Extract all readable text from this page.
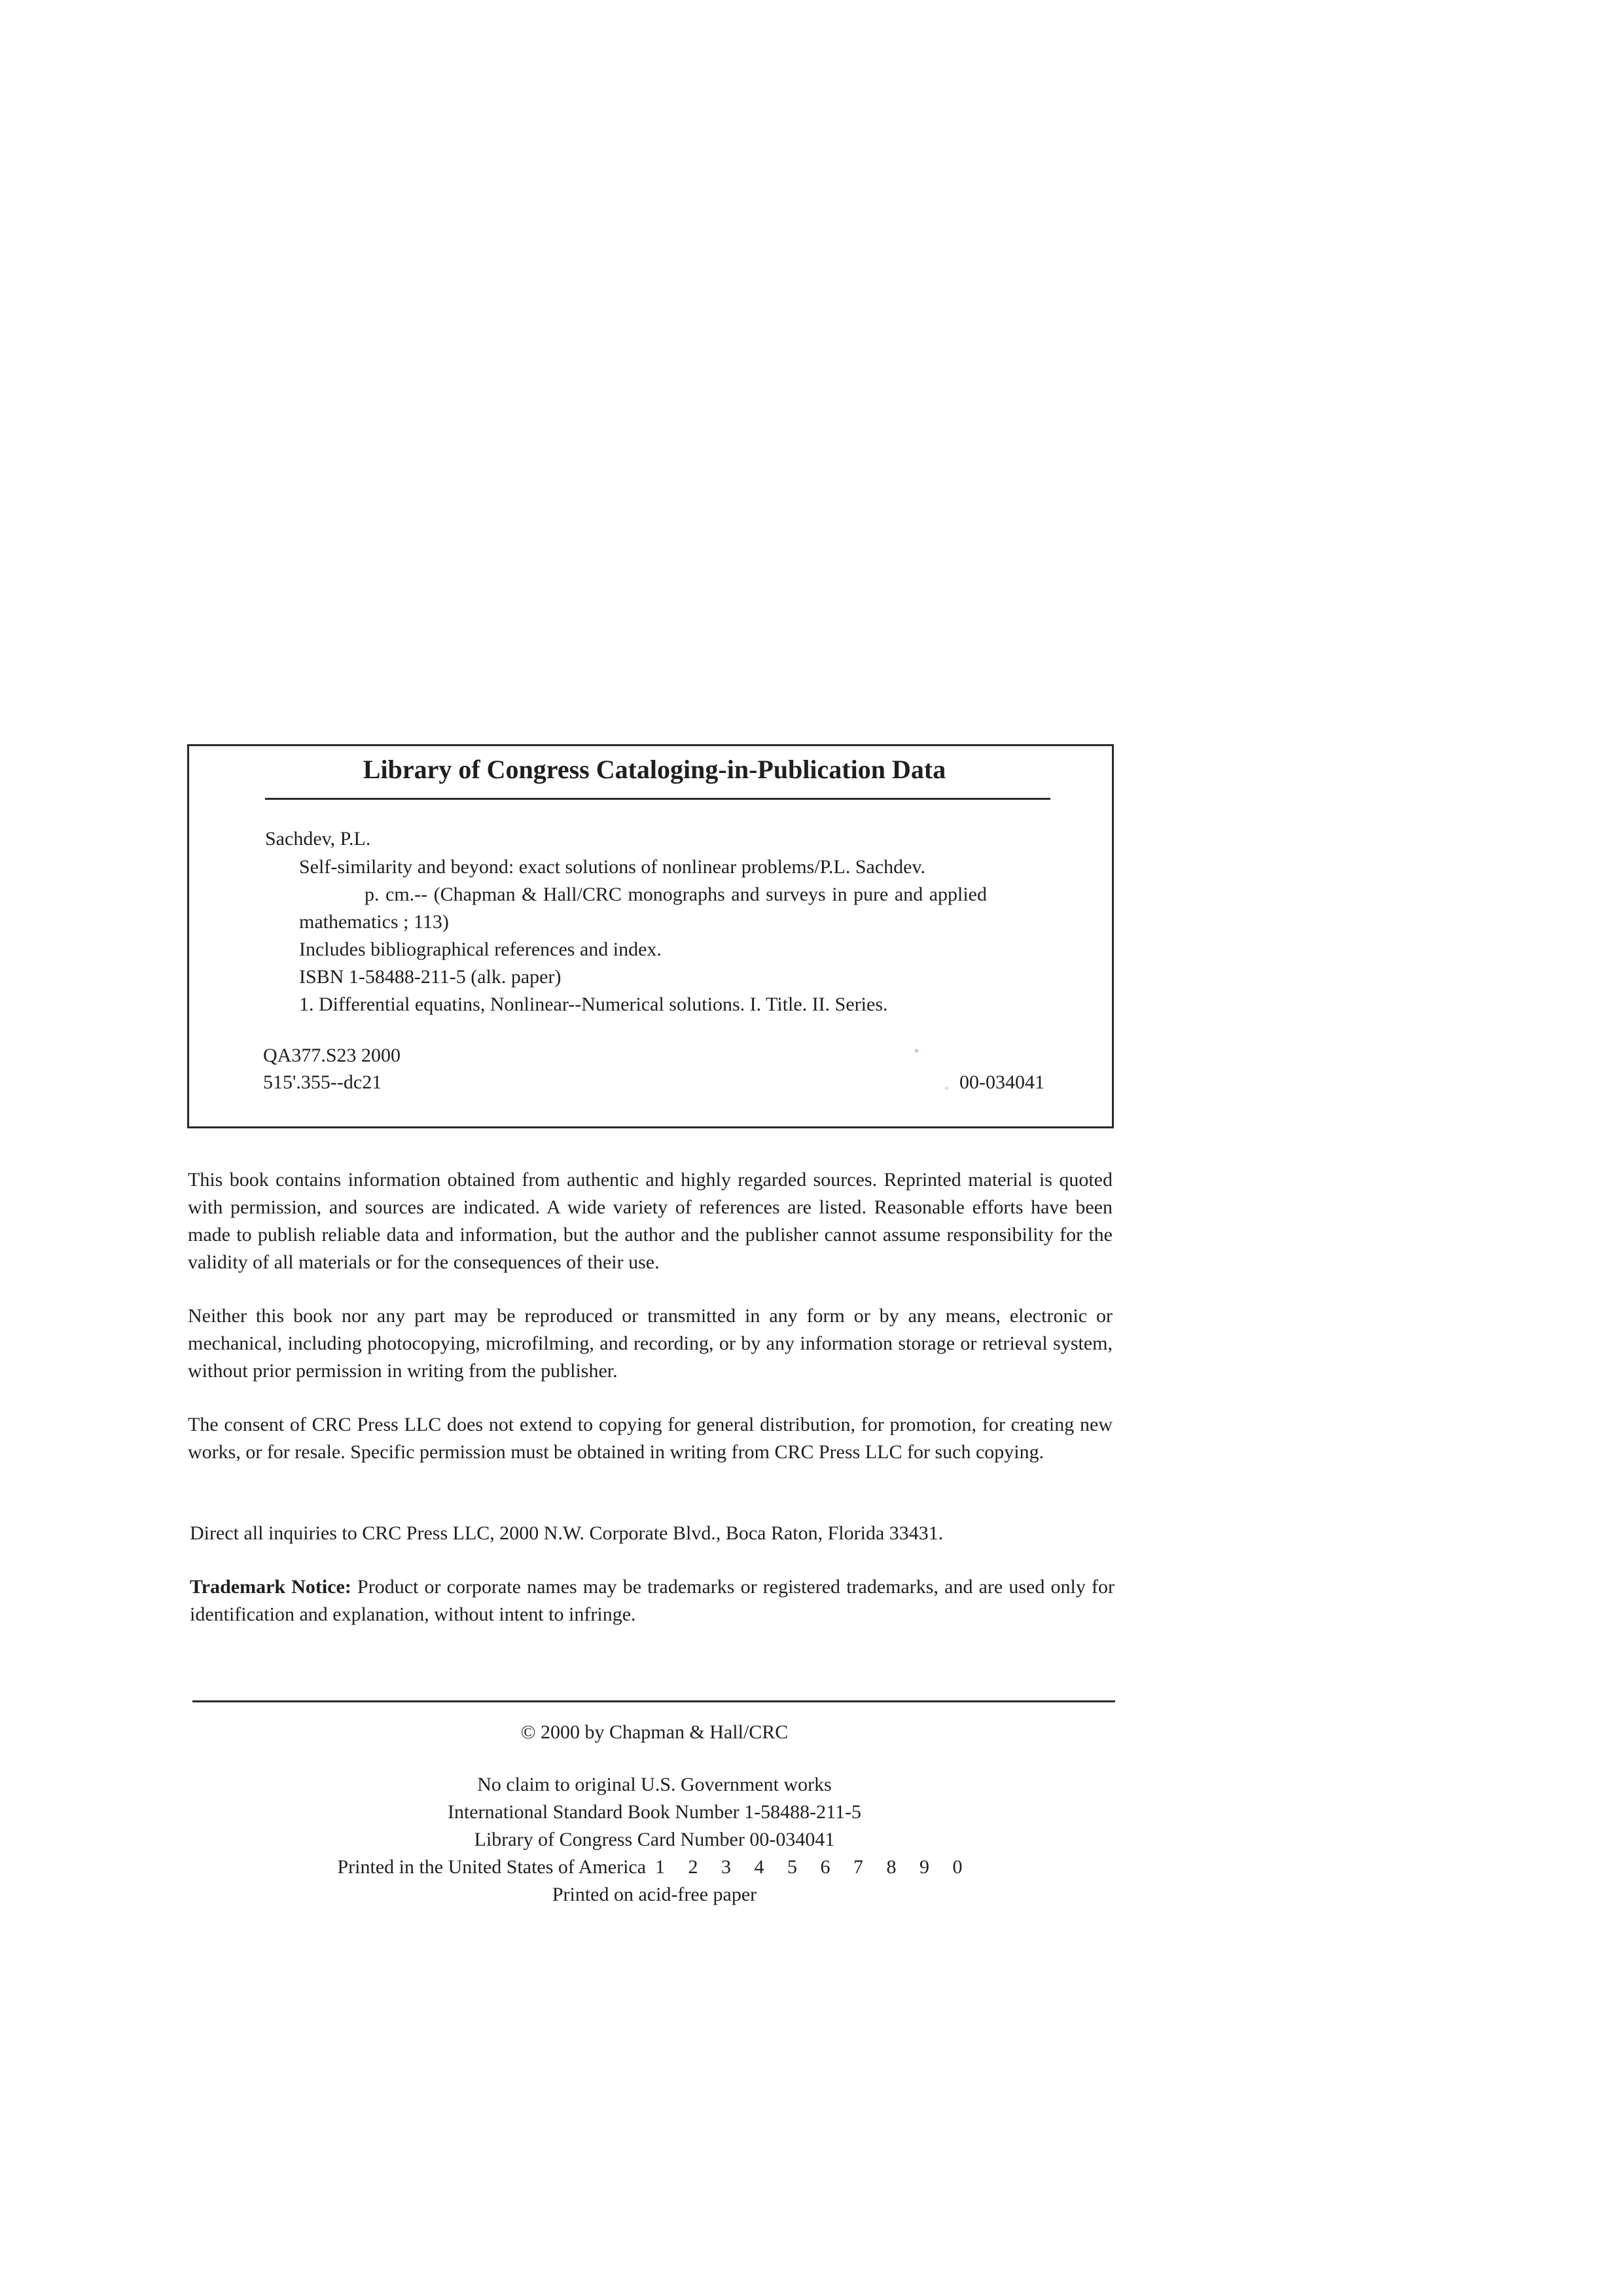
Library of Congress Cataloging-in-Publication Data
Sachdev, P.L.
Self-similarity and beyond: exact solutions of nonlinear problems/P.L. Sachdev.
p. cm.-- (Chapman & Hall/CRC monographs and surveys in pure and applied
mathematics ; 113)
Includes bibliographical references and index.
ISBN 1-58488-211-5 (alk. paper)
1. Differential equatins, Nonlinear--Numerical solutions. I. Title. II. Series.
QA377.S23 2000
515'.355--dc21	00-034041
This book contains information obtained from authentic and highly regarded sources. Reprinted material is quoted with permission, and sources are indicated. A wide variety of references are listed. Reasonable efforts have been made to publish reliable data and information, but the author and the publisher cannot assume responsibility for the validity of all materials or for the consequences of their use.
Neither this book nor any part may be reproduced or transmitted in any form or by any means, electronic or mechanical, including photocopying, microfilming, and recording, or by any information storage or retrieval system, without prior permission in writing from the publisher.
The consent of CRC Press LLC does not extend to copying for general distribution, for promotion, for creating new works, or for resale. Specific permission must be obtained in writing from CRC Press LLC for such copying.
Direct all inquiries to CRC Press LLC, 2000 N.W. Corporate Blvd., Boca Raton, Florida 33431.
Trademark Notice: Product or corporate names may be trademarks or registered trademarks, and are used only for identification and explanation, without intent to infringe.
© 2000 by Chapman & Hall/CRC
No claim to original U.S. Government works
International Standard Book Number 1-58488-211-5
Library of Congress Card Number 00-034041
Printed in the United States of America 1 2 3 4 5 6 7 8 9 0
Printed on acid-free paper
